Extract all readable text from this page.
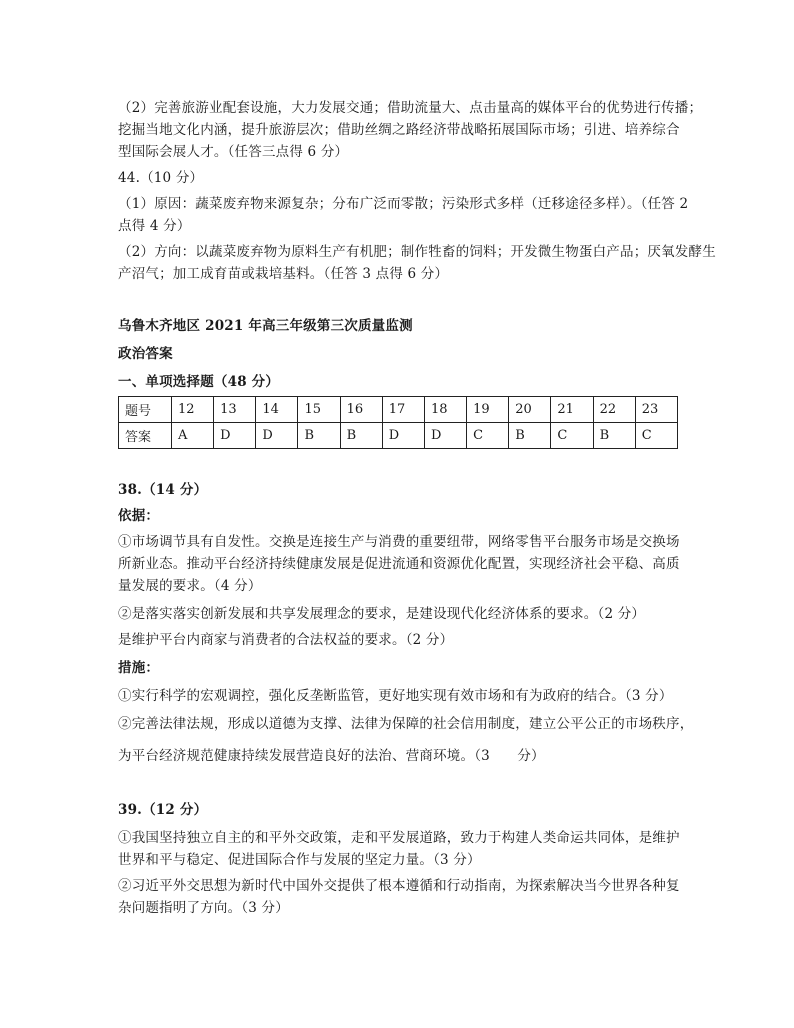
（2）完善旅游业配套设施，大力发展交通；借助流量大、点击量高的媒体平台的优势进行传播；
挖掘当地文化内涵，提升旅游层次；借助丝绸之路经济带战略拓展国际市场；引进、培养综合
型国际会展人才。（任答三点得 6 分）
44.（10 分）
（1）原因：蔬菜废弃物来源复杂；分布广泛而零散；污染形式多样（迁移途径多样）。（任答 2
点得 4 分）
（2）方向：以蔬菜废弃物为原料生产有机肥；制作牲畜的饲料；开发微生物蛋白产品；厌氧发酵生
产沼气；加工成育苗或栽培基料。（任答 3 点得 6 分）
乌鲁木齐地区 2021 年高三年级第三次质量监测
政治答案
一、单项选择题（48 分）
题号	12	13	14	15	16	17	18	19	20	21	22	23
答案	A	D	D	B	B	D	D	C	B	C	B	C
38.（14 分）
依据：
①市场调节具有自发性。交换是连接生产与消费的重要纽带，网络零售平台服务市场是交换场
所新业态。推动平台经济持续健康发展是促进流通和资源优化配置，实现经济社会平稳、高质
量发展的要求。（4 分）
②是落实落实创新发展和共享发展理念的要求，是建设现代化经济体系的要求。（2 分）
是维护平台内商家与消费者的合法权益的要求。（2 分）
措施：
①实行科学的宏观调控，强化反垄断监管，更好地实现有效市场和有为政府的结合。（3 分）
②完善法律法规，形成以道德为支撑、法律为保障的社会信用制度，建立公平公正的市场秩序，
为平台经济规范健康持续发展营造良好的法治、营商环境。（3　　分）
39.（12 分）
①我国坚持独立自主的和平外交政策，走和平发展道路，致力于构建人类命运共同体，是维护
世界和平与稳定、促进国际合作与发展的坚定力量。（3 分）
②习近平外交思想为新时代中国外交提供了根本遵循和行动指南，为探索解决当今世界各种复
杂问题指明了方向。（3 分）
